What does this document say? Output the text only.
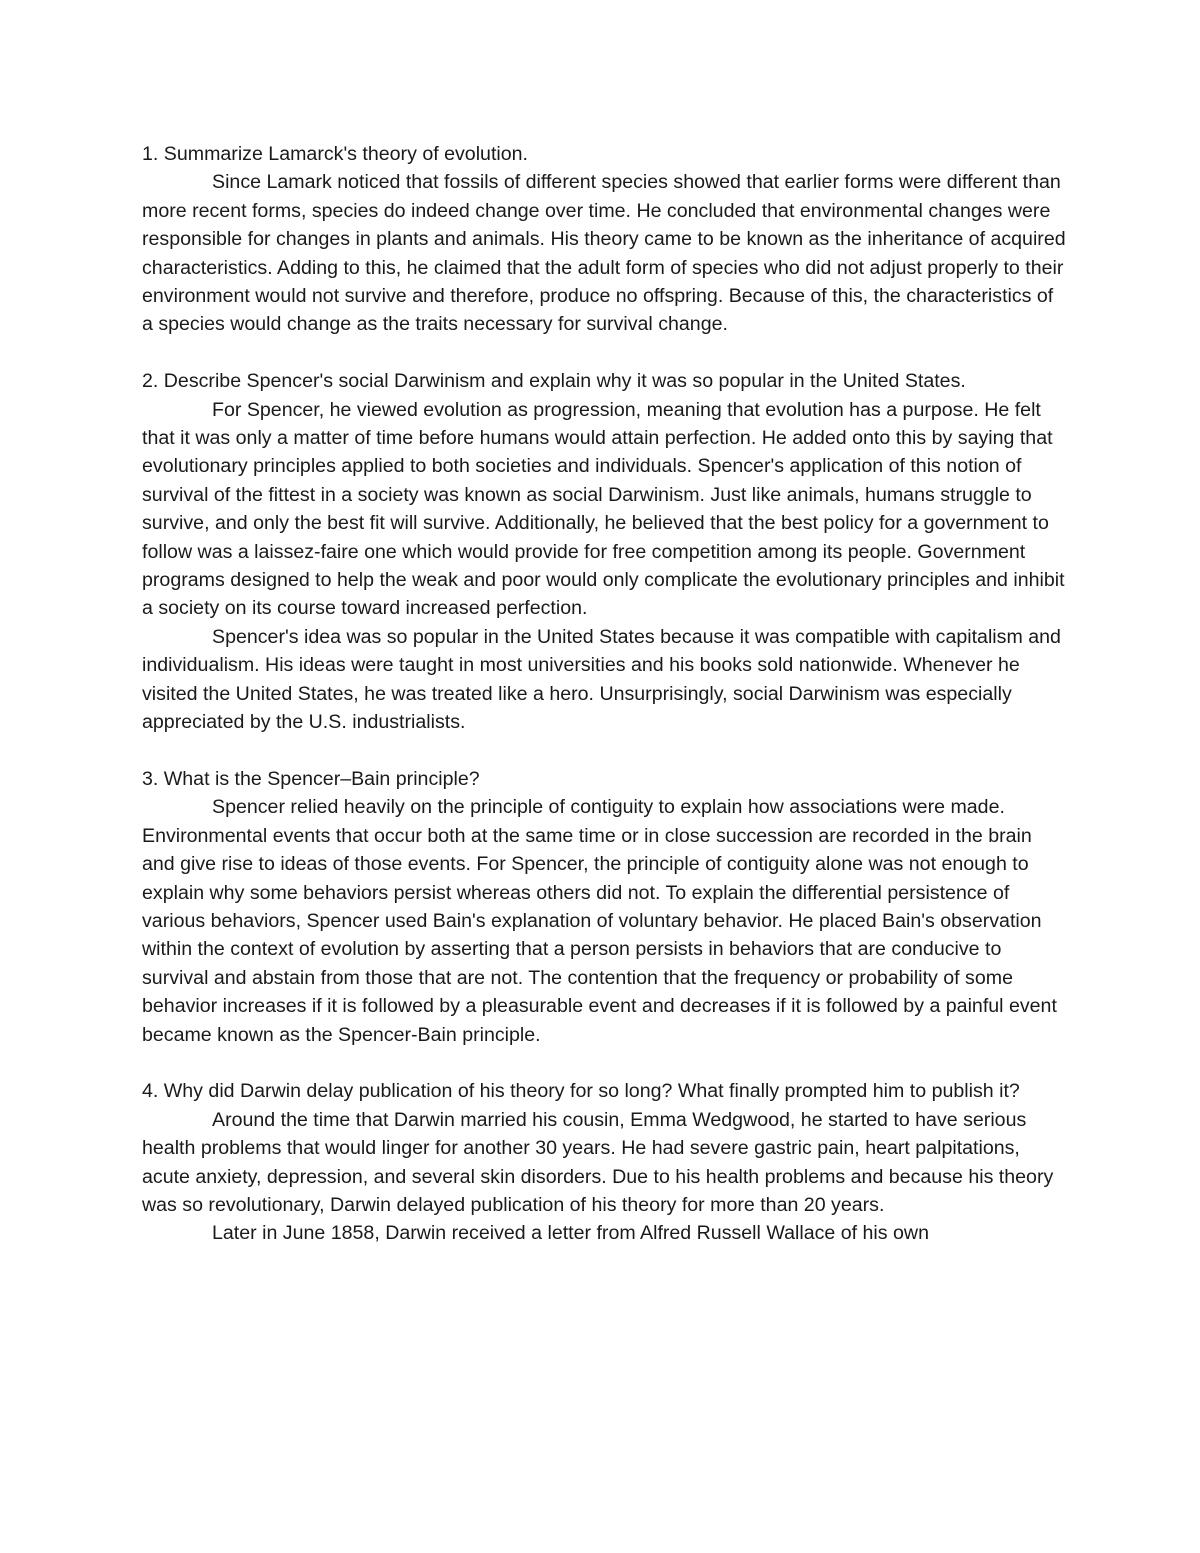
1. Summarize Lamarck's theory of evolution.

Since Lamark noticed that fossils of different species showed that earlier forms were different than more recent forms, species do indeed change over time. He concluded that environmental changes were responsible for changes in plants and animals. His theory came to be known as the inheritance of acquired characteristics. Adding to this, he claimed that the adult form of species who did not adjust properly to their environment would not survive and therefore, produce no offspring. Because of this, the characteristics of a species would change as the traits necessary for survival change.

2. Describe Spencer's social Darwinism and explain why it was so popular in the United States.

For Spencer, he viewed evolution as progression, meaning that evolution has a purpose. He felt that it was only a matter of time before humans would attain perfection. He added onto this by saying that evolutionary principles applied to both societies and individuals. Spencer's application of this notion of survival of the fittest in a society was known as social Darwinism. Just like animals, humans struggle to survive, and only the best fit will survive. Additionally, he believed that the best policy for a government to follow was a laissez-faire one which would provide for free competition among its people. Government programs designed to help the weak and poor would only complicate the evolutionary principles and inhibit a society on its course toward increased perfection.

Spencer's idea was so popular in the United States because it was compatible with capitalism and individualism. His ideas were taught in most universities and his books sold nationwide. Whenever he visited the United States, he was treated like a hero. Unsurprisingly, social Darwinism was especially appreciated by the U.S. industrialists.

3. What is the Spencer–Bain principle?

Spencer relied heavily on the principle of contiguity to explain how associations were made. Environmental events that occur both at the same time or in close succession are recorded in the brain and give rise to ideas of those events. For Spencer, the principle of contiguity alone was not enough to explain why some behaviors persist whereas others did not. To explain the differential persistence of various behaviors, Spencer used Bain's explanation of voluntary behavior. He placed Bain's observation within the context of evolution by asserting that a person persists in behaviors that are conducive to survival and abstain from those that are not. The contention that the frequency or probability of some behavior increases if it is followed by a pleasurable event and decreases if it is followed by a painful event became known as the Spencer-Bain principle.

4. Why did Darwin delay publication of his theory for so long? What finally prompted him to publish it?

Around the time that Darwin married his cousin, Emma Wedgwood, he started to have serious health problems that would linger for another 30 years. He had severe gastric pain, heart palpitations, acute anxiety, depression, and several skin disorders. Due to his health problems and because his theory was so revolutionary, Darwin delayed publication of his theory for more than 20 years.

Later in June 1858, Darwin received a letter from Alfred Russell Wallace of his own
